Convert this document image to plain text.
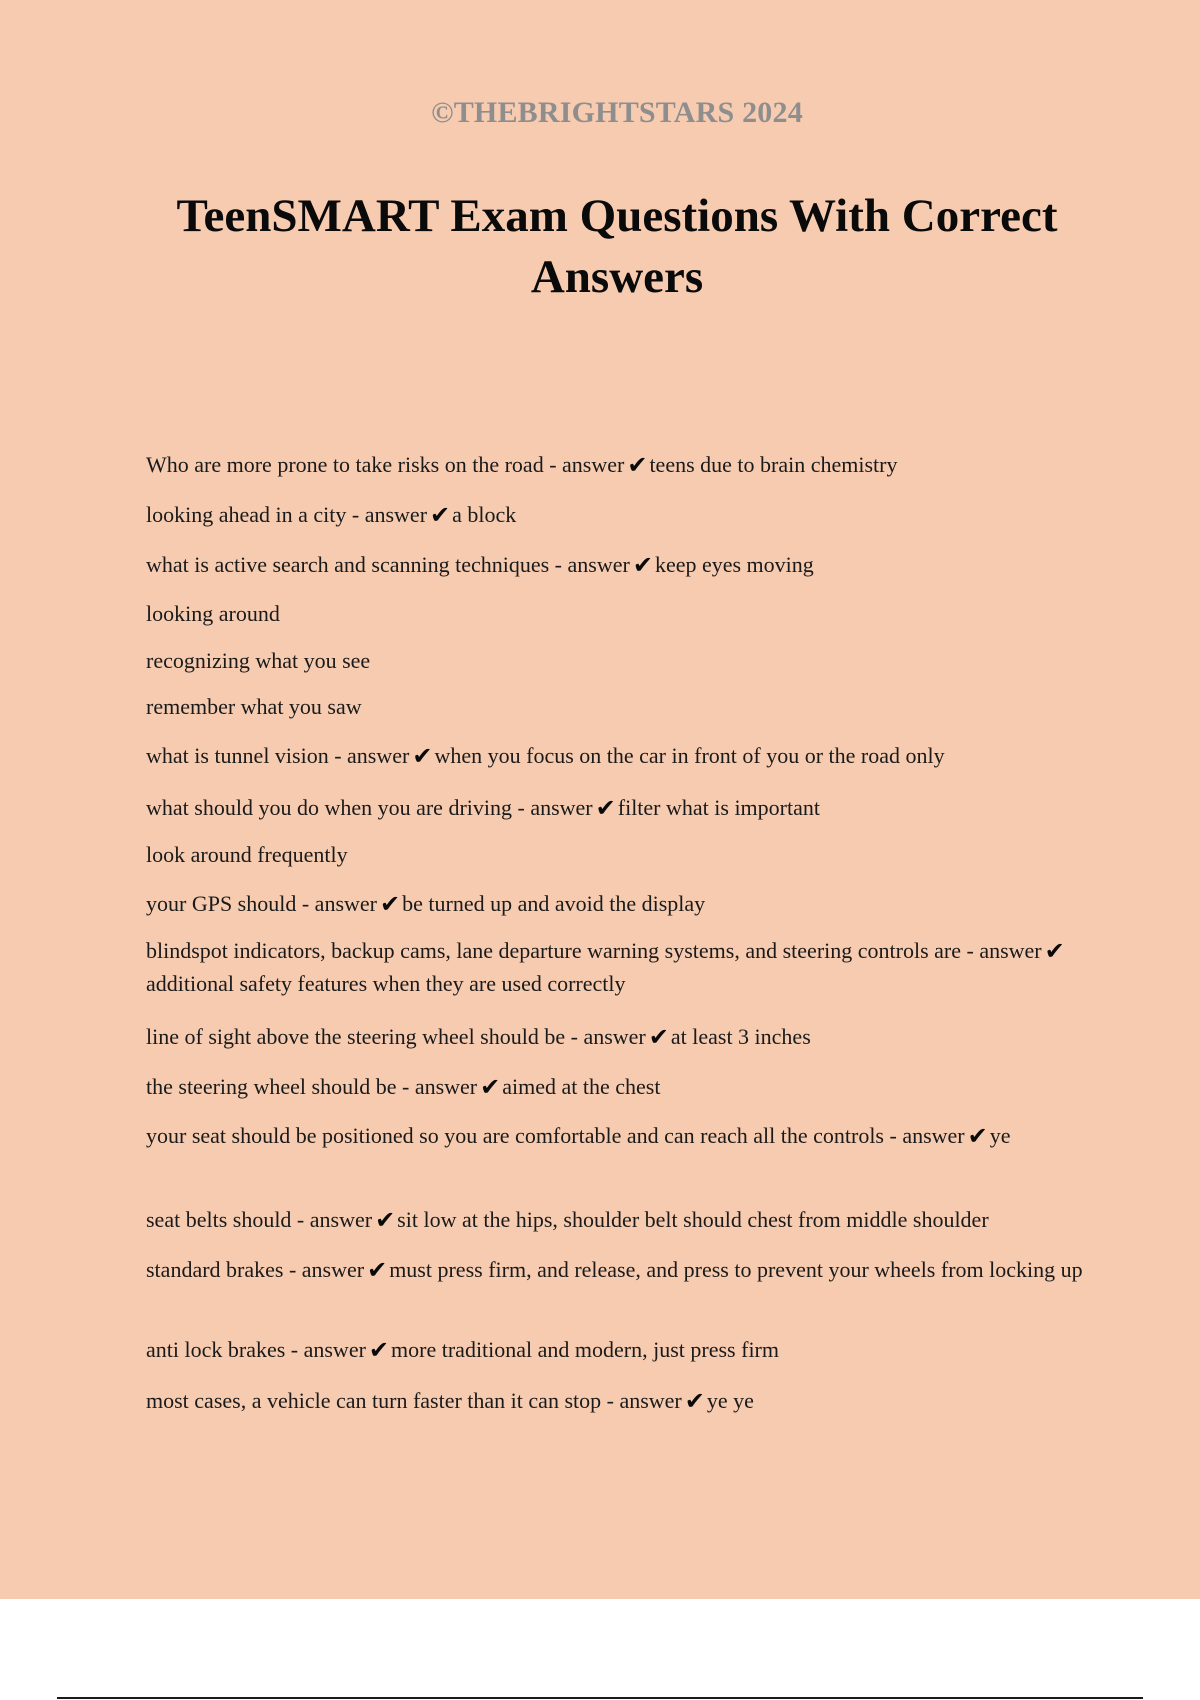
©THEBRIGHTSTARS 2024
TeenSMART Exam Questions With Correct Answers
Who are more prone to take risks on the road - answer ✔teens due to brain chemistry
looking ahead in a city - answer ✔a block
what is active search and scanning techniques - answer ✔keep eyes moving
looking around
recognizing what you see
remember what you saw
what is tunnel vision - answer ✔when you focus on the car in front of you or the road only
what should you do when you are driving - answer ✔filter what is important
look around frequently
your GPS should - answer ✔be turned up and avoid the display
blindspot indicators, backup cams, lane departure warning systems, and steering controls are - answer ✔additional safety features when they are used correctly
line of sight above the steering wheel should be - answer ✔at least 3 inches
the steering wheel should be - answer ✔aimed at the chest
your seat should be positioned so you are comfortable and can reach all the controls - answer ✔ye
seat belts should - answer ✔sit low at the hips, shoulder belt should chest from middle shoulder
standard brakes - answer ✔must press firm, and release, and press to prevent your wheels from locking up
anti lock brakes - answer ✔more traditional and modern, just press firm
most cases, a vehicle can turn faster than it can stop - answer ✔ye ye
